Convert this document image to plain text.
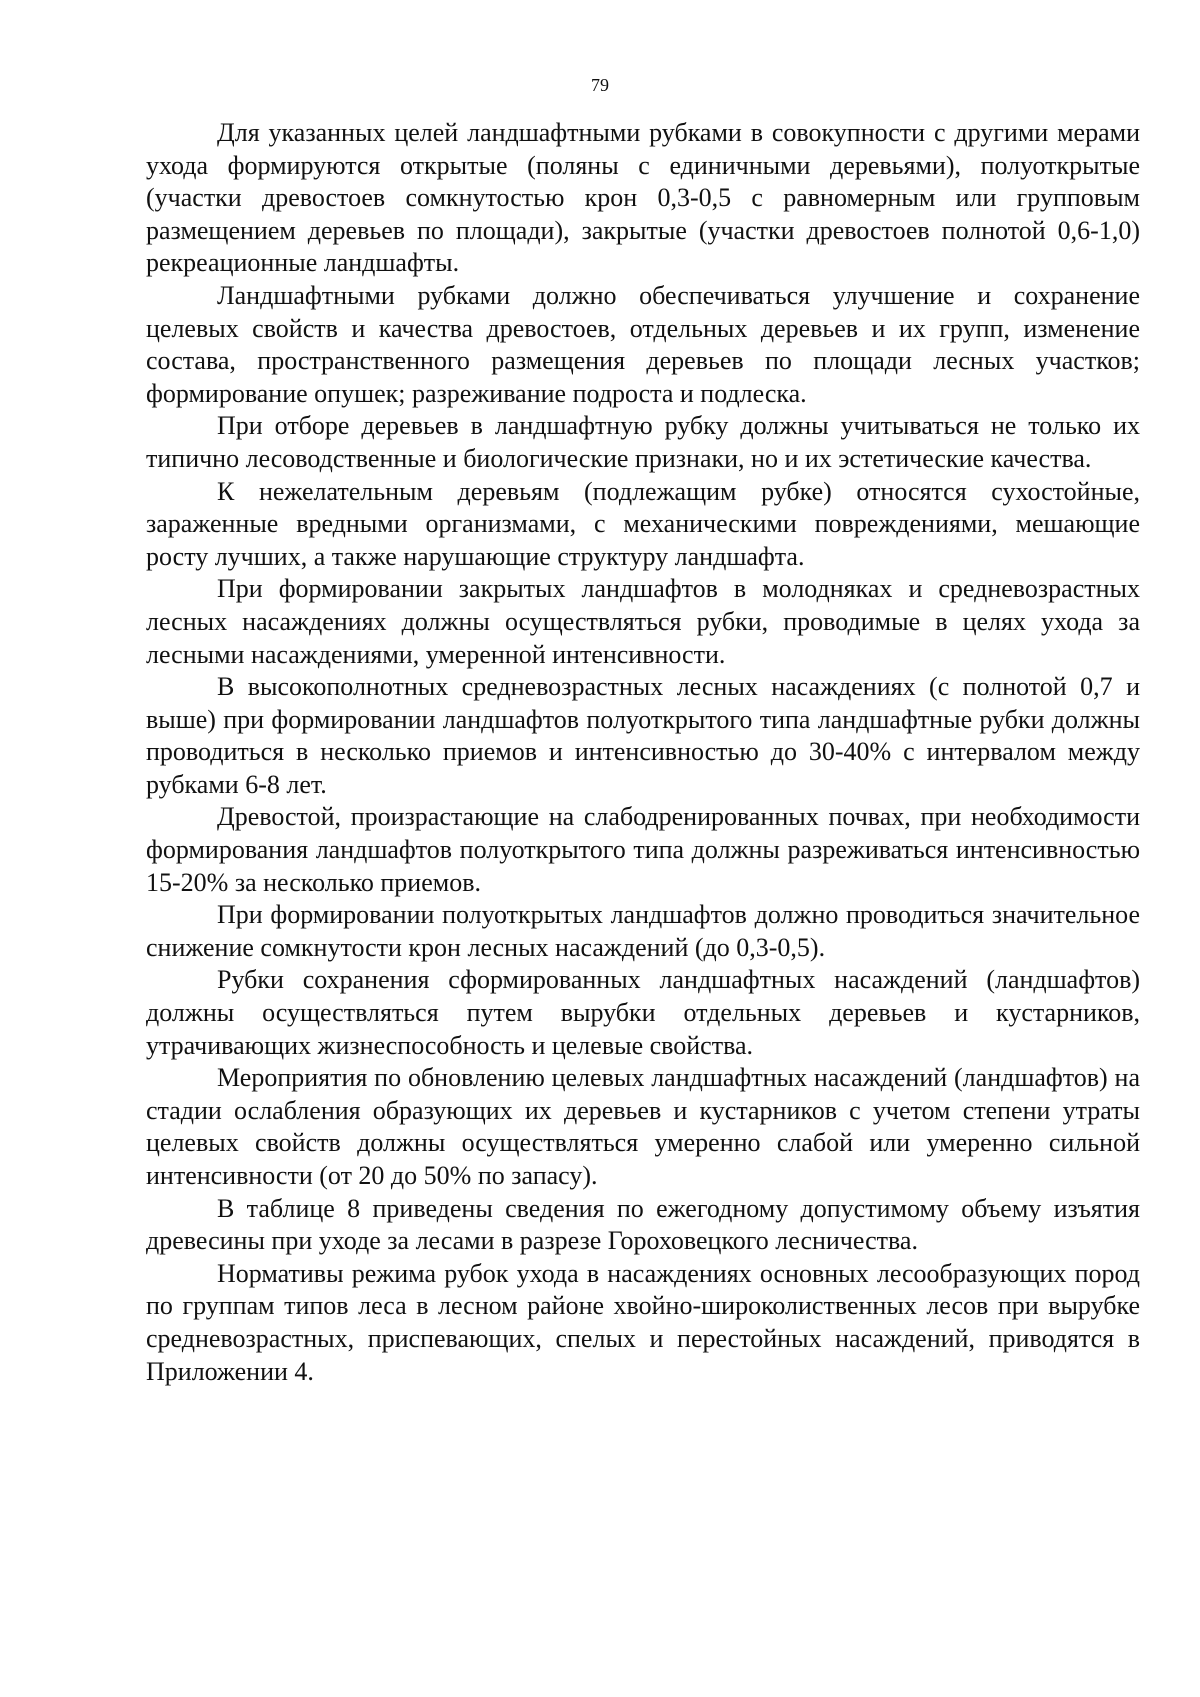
79

Для указанных целей ландшафтными рубками в совокупности с другими мерами ухода формируются открытые (поляны с единичными деревьями), полуоткрытые (участки древостоев сомкнутостью крон 0,3-0,5 с равномерным или групповым размещением деревьев по площади), закрытые (участки древостоев полнотой 0,6-1,0) рекреационные ландшафты.

Ландшафтными рубками должно обеспечиваться улучшение и сохранение целевых свойств и качества древостоев, отдельных деревьев и их групп, изменение состава, пространственного размещения деревьев по площади лесных участков; формирование опушек; разреживание подроста и подлеска.

При отборе деревьев в ландшафтную рубку должны учитываться не только их типично лесоводственные и биологические признаки, но и их эстетические качества.

К нежелательным деревьям (подлежащим рубке) относятся сухостойные, зараженные вредными организмами, с механическими повреждениями, мешающие росту лучших, а также нарушающие структуру ландшафта.

При формировании закрытых ландшафтов в молодняках и средневозрастных лесных насаждениях должны осуществляться рубки, проводимые в целях ухода за лесными насаждениями, умеренной интенсивности.

В высокополнотных средневозрастных лесных насаждениях (с полнотой 0,7 и выше) при формировании ландшафтов полуоткрытого типа ландшафтные рубки должны проводиться в несколько приемов и интенсивностью до 30-40% с интервалом между рубками 6-8 лет.

Древостой, произрастающие на слабодренированных почвах, при необходимости формирования ландшафтов полуоткрытого типа должны разреживаться интенсивностью 15-20% за несколько приемов.

При формировании полуоткрытых ландшафтов должно проводиться значительное снижение сомкнутости крон лесных насаждений (до 0,3-0,5).

Рубки сохранения сформированных ландшафтных насаждений (ландшафтов) должны осуществляться путем вырубки отдельных деревьев и кустарников, утрачивающих жизнеспособность и целевые свойства.

Мероприятия по обновлению целевых ландшафтных насаждений (ландшафтов) на стадии ослабления образующих их деревьев и кустарников с учетом степени утраты целевых свойств должны осуществляться умеренно слабой или умеренно сильной интенсивности (от 20 до 50% по запасу).

В таблице 8 приведены сведения по ежегодному допустимому объему изъятия древесины при уходе за лесами в разрезе Гороховецкого лесничества.

Нормативы режима рубок ухода в насаждениях основных лесообразующих пород по группам типов леса в лесном районе хвойно-широколиственных лесов при вырубке средневозрастных, приспевающих, спелых и перестойных насаждений, приводятся в Приложении 4.
